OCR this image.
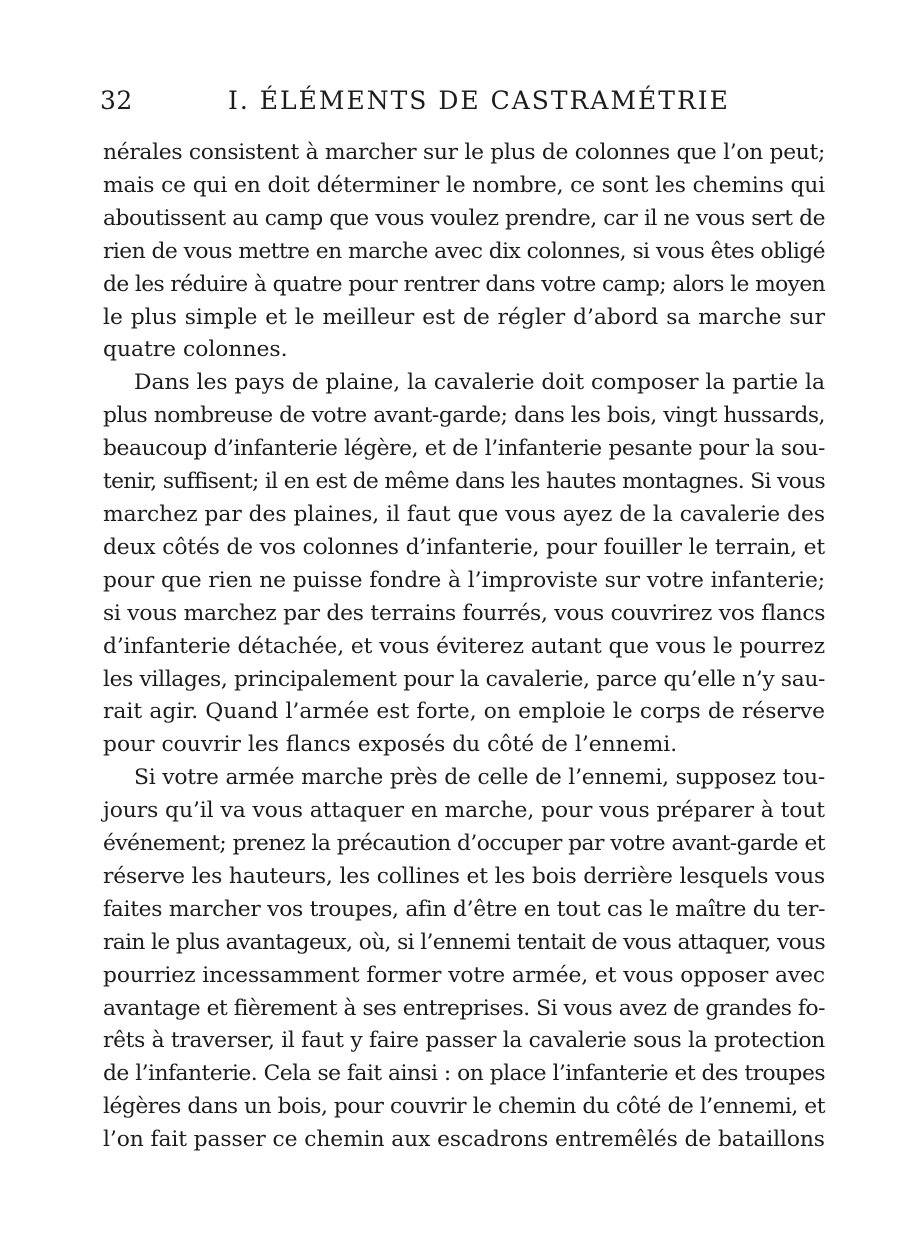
32	I. ÉLÉMENTS DE CASTRAMÉTRIE
nérales consistent à marcher sur le plus de colonnes que l’on peut;
mais ce qui en doit déterminer le nombre, ce sont les chemins qui
aboutissent au camp que vous voulez prendre, car il ne vous sert de
rien de vous mettre en marche avec dix colonnes, si vous êtes obligé
de les réduire à quatre pour rentrer dans votre camp; alors le moyen
le plus simple et le meilleur est de régler d’abord sa marche sur
quatre colonnes.
Dans les pays de plaine, la cavalerie doit composer la partie la
plus nombreuse de votre avant-garde; dans les bois, vingt hussards,
beaucoup d’infanterie légère, et de l’infanterie pesante pour la sou-
tenir, suffisent; il en est de même dans les hautes montagnes. Si vous
marchez par des plaines, il faut que vous ayez de la cavalerie des
deux côtés de vos colonnes d’infanterie, pour fouiller le terrain, et
pour que rien ne puisse fondre à l’improviste sur votre infanterie;
si vous marchez par des terrains fourrés, vous couvrirez vos flancs
d’infanterie détachée, et vous éviterez autant que vous le pourrez
les villages, principalement pour la cavalerie, parce qu’elle n’y sau-
rait agir. Quand l’armée est forte, on emploie le corps de réserve
pour couvrir les flancs exposés du côté de l’ennemi.
Si votre armée marche près de celle de l’ennemi, supposez tou-
jours qu’il va vous attaquer en marche, pour vous préparer à tout
événement; prenez la précaution d’occuper par votre avant-garde et
réserve les hauteurs, les collines et les bois derrière lesquels vous
faites marcher vos troupes, afin d’être en tout cas le maître du ter-
rain le plus avantageux, où, si l’ennemi tentait de vous attaquer, vous
pourriez incessamment former votre armée, et vous opposer avec
avantage et fièrement à ses entreprises. Si vous avez de grandes fo-
rêts à traverser, il faut y faire passer la cavalerie sous la protection
de l’infanterie. Cela se fait ainsi : on place l’infanterie et des troupes
légères dans un bois, pour couvrir le chemin du côté de l’ennemi, et
l’on fait passer ce chemin aux escadrons entremêlés de bataillons
